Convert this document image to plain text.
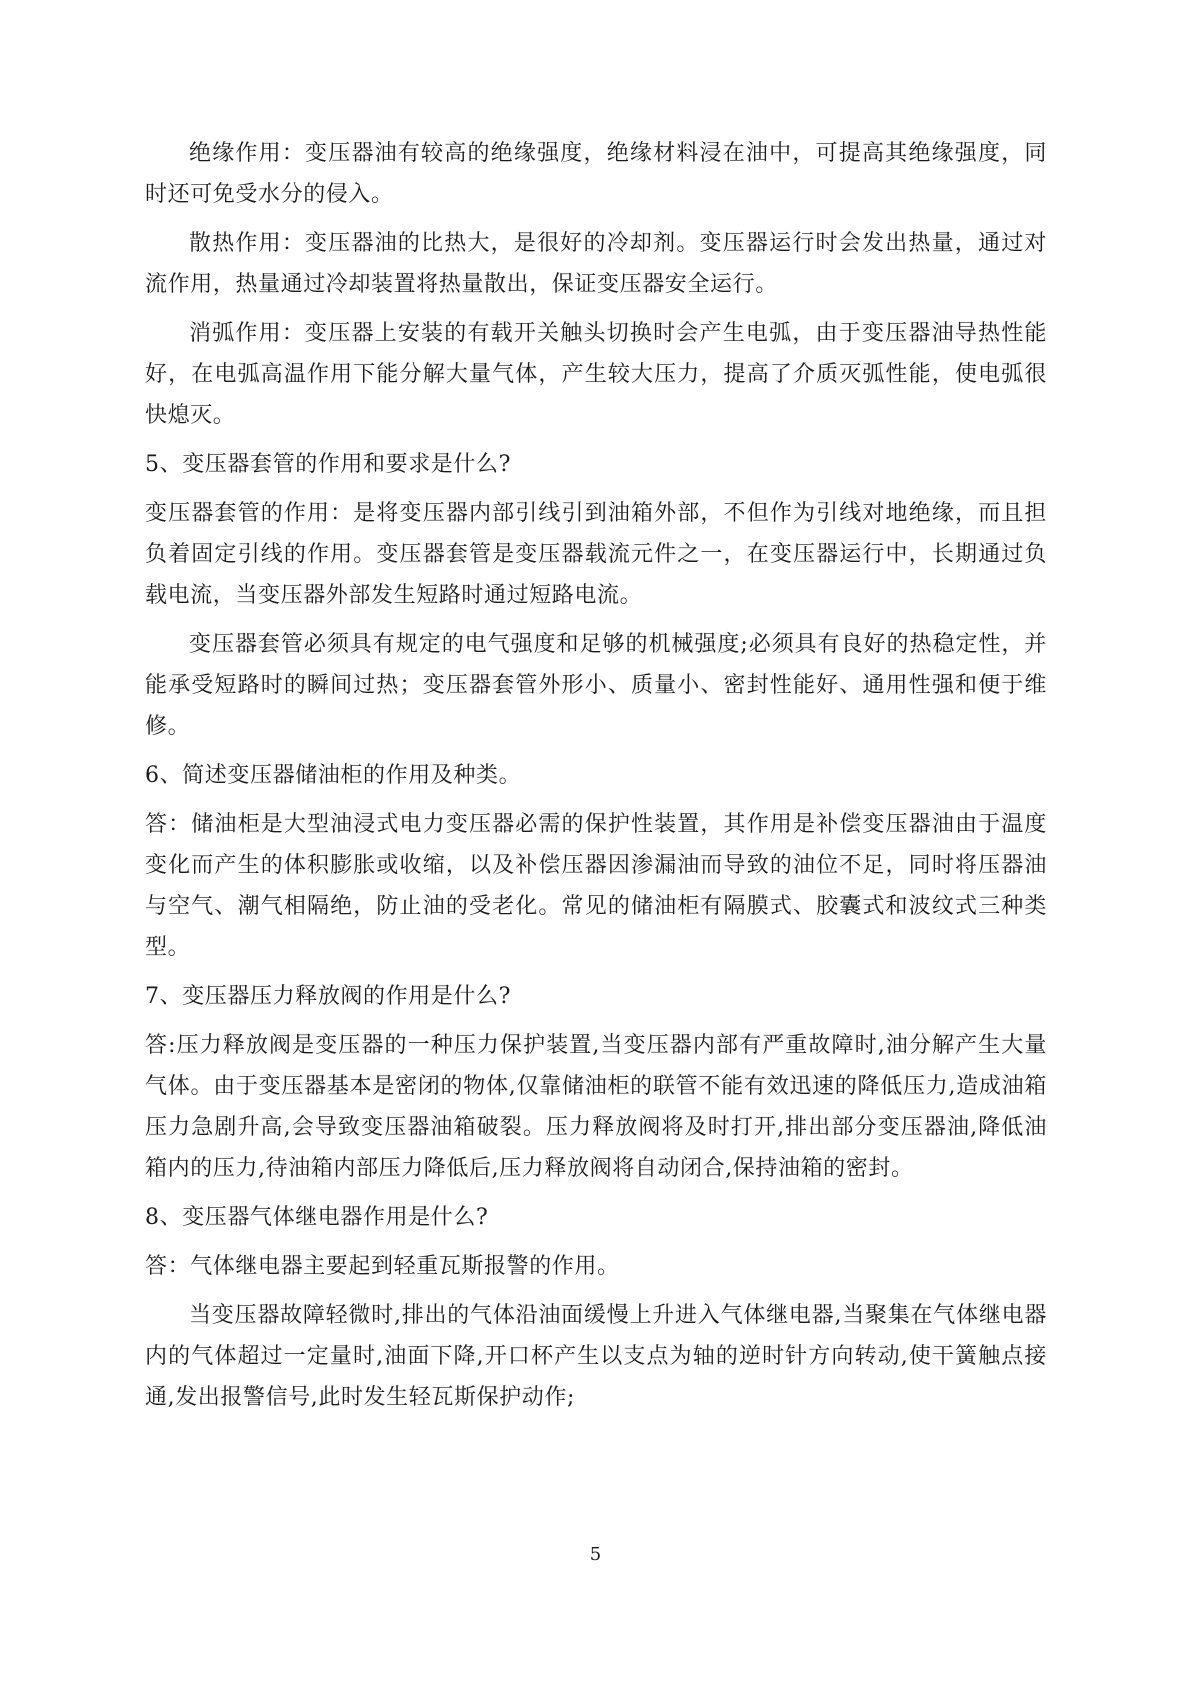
绝缘作用：变压器油有较高的绝缘强度，绝缘材料浸在油中，可提高其绝缘强度，同时还可免受水分的侵入。

散热作用：变压器油的比热大，是很好的冷却剂。变压器运行时会发出热量，通过对流作用，热量通过冷却装置将热量散出，保证变压器安全运行。

消弧作用：变压器上安装的有载开关触头切换时会产生电弧，由于变压器油导热性能好，在电弧高温作用下能分解大量气体，产生较大压力，提高了介质灭弧性能，使电弧很快熄灭。

5、变压器套管的作用和要求是什么?

变压器套管的作用：是将变压器内部引线引到油箱外部，不但作为引线对地绝缘，而且担负着固定引线的作用。变压器套管是变压器载流元件之一，在变压器运行中，长期通过负载电流，当变压器外部发生短路时通过短路电流。

变压器套管必须具有规定的电气强度和足够的机械强度;必须具有良好的热稳定性，并能承受短路时的瞬间过热；变压器套管外形小、质量小、密封性能好、通用性强和便于维修。

6、简述变压器储油柜的作用及种类。

答：储油柜是大型油浸式电力变压器必需的保护性装置，其作用是补偿变压器油由于温度变化而产生的体积膨胀或收缩，以及补偿压器因渗漏油而导致的油位不足，同时将压器油与空气、潮气相隔绝，防止油的受老化。常见的储油柜有隔膜式、胶囊式和波纹式三种类型。

7、变压器压力释放阀的作用是什么?

答:压力释放阀是变压器的一种压力保护装置,当变压器内部有严重故障时,油分解产生大量气体。由于变压器基本是密闭的物体,仅靠储油柜的联管不能有效迅速的降低压力,造成油箱压力急剧升高,会导致变压器油箱破裂。压力释放阀将及时打开,排出部分变压器油,降低油箱内的压力,待油箱内部压力降低后,压力释放阀将自动闭合,保持油箱的密封。

8、变压器气体继电器作用是什么?

答：气体继电器主要起到轻重瓦斯报警的作用。

当变压器故障轻微时,排出的气体沿油面缓慢上升进入气体继电器,当聚集在气体继电器内的气体超过一定量时,油面下降,开口杯产生以支点为轴的逆时针方向转动,使干簧触点接通,发出报警信号,此时发生轻瓦斯保护动作;

5
